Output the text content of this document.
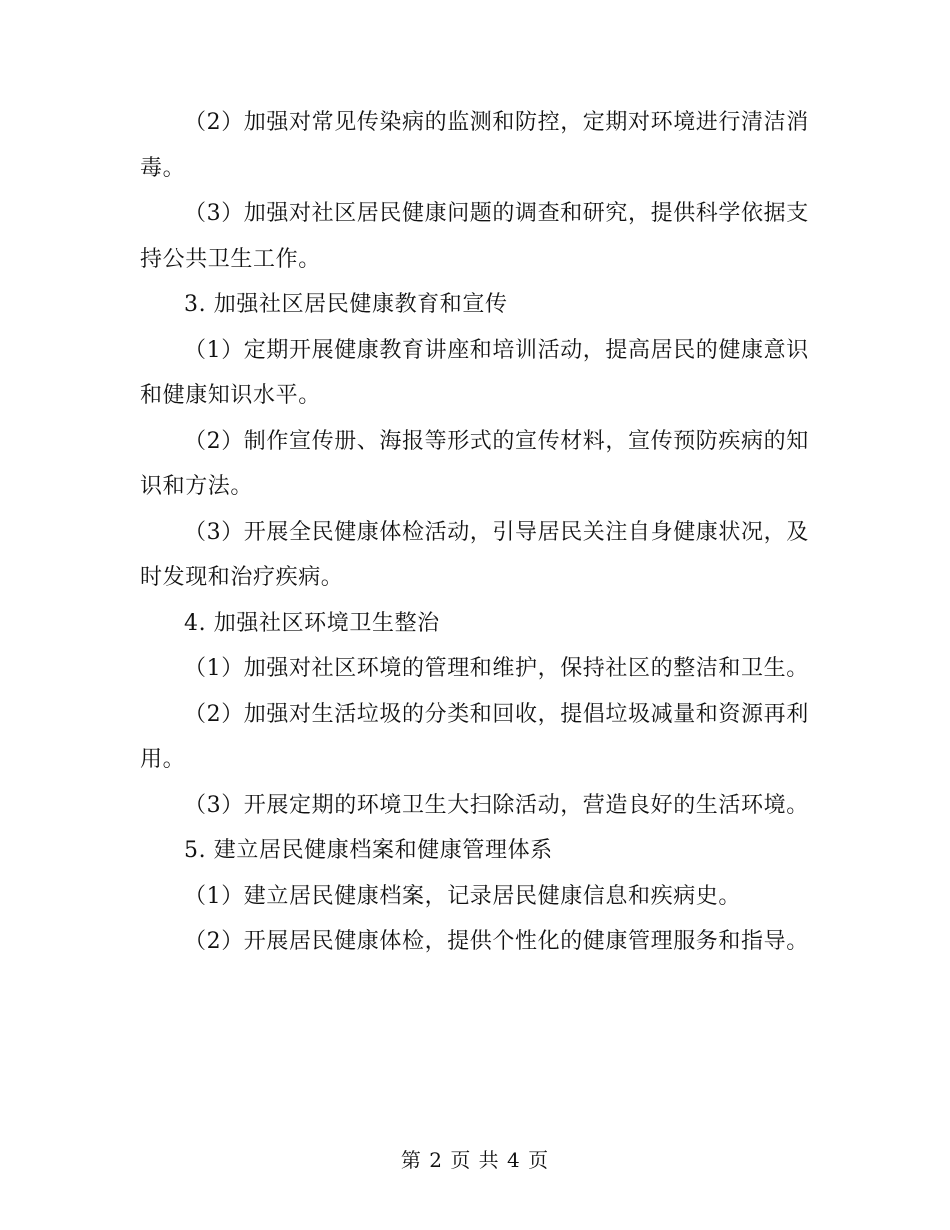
（2）加强对常见传染病的监测和防控，定期对环境进行清洁消毒。

（3）加强对社区居民健康问题的调查和研究，提供科学依据支持公共卫生工作。

3. 加强社区居民健康教育和宣传

（1）定期开展健康教育讲座和培训活动，提高居民的健康意识和健康知识水平。

（2）制作宣传册、海报等形式的宣传材料，宣传预防疾病的知识和方法。

（3）开展全民健康体检活动，引导居民关注自身健康状况，及时发现和治疗疾病。

4. 加强社区环境卫生整治

（1）加强对社区环境的管理和维护，保持社区的整洁和卫生。

（2）加强对生活垃圾的分类和回收，提倡垃圾减量和资源再利用。

（3）开展定期的环境卫生大扫除活动，营造良好的生活环境。

5. 建立居民健康档案和健康管理体系

（1）建立居民健康档案，记录居民健康信息和疾病史。

（2）开展居民健康体检，提供个性化的健康管理服务和指导。

第 2 页 共 4 页
